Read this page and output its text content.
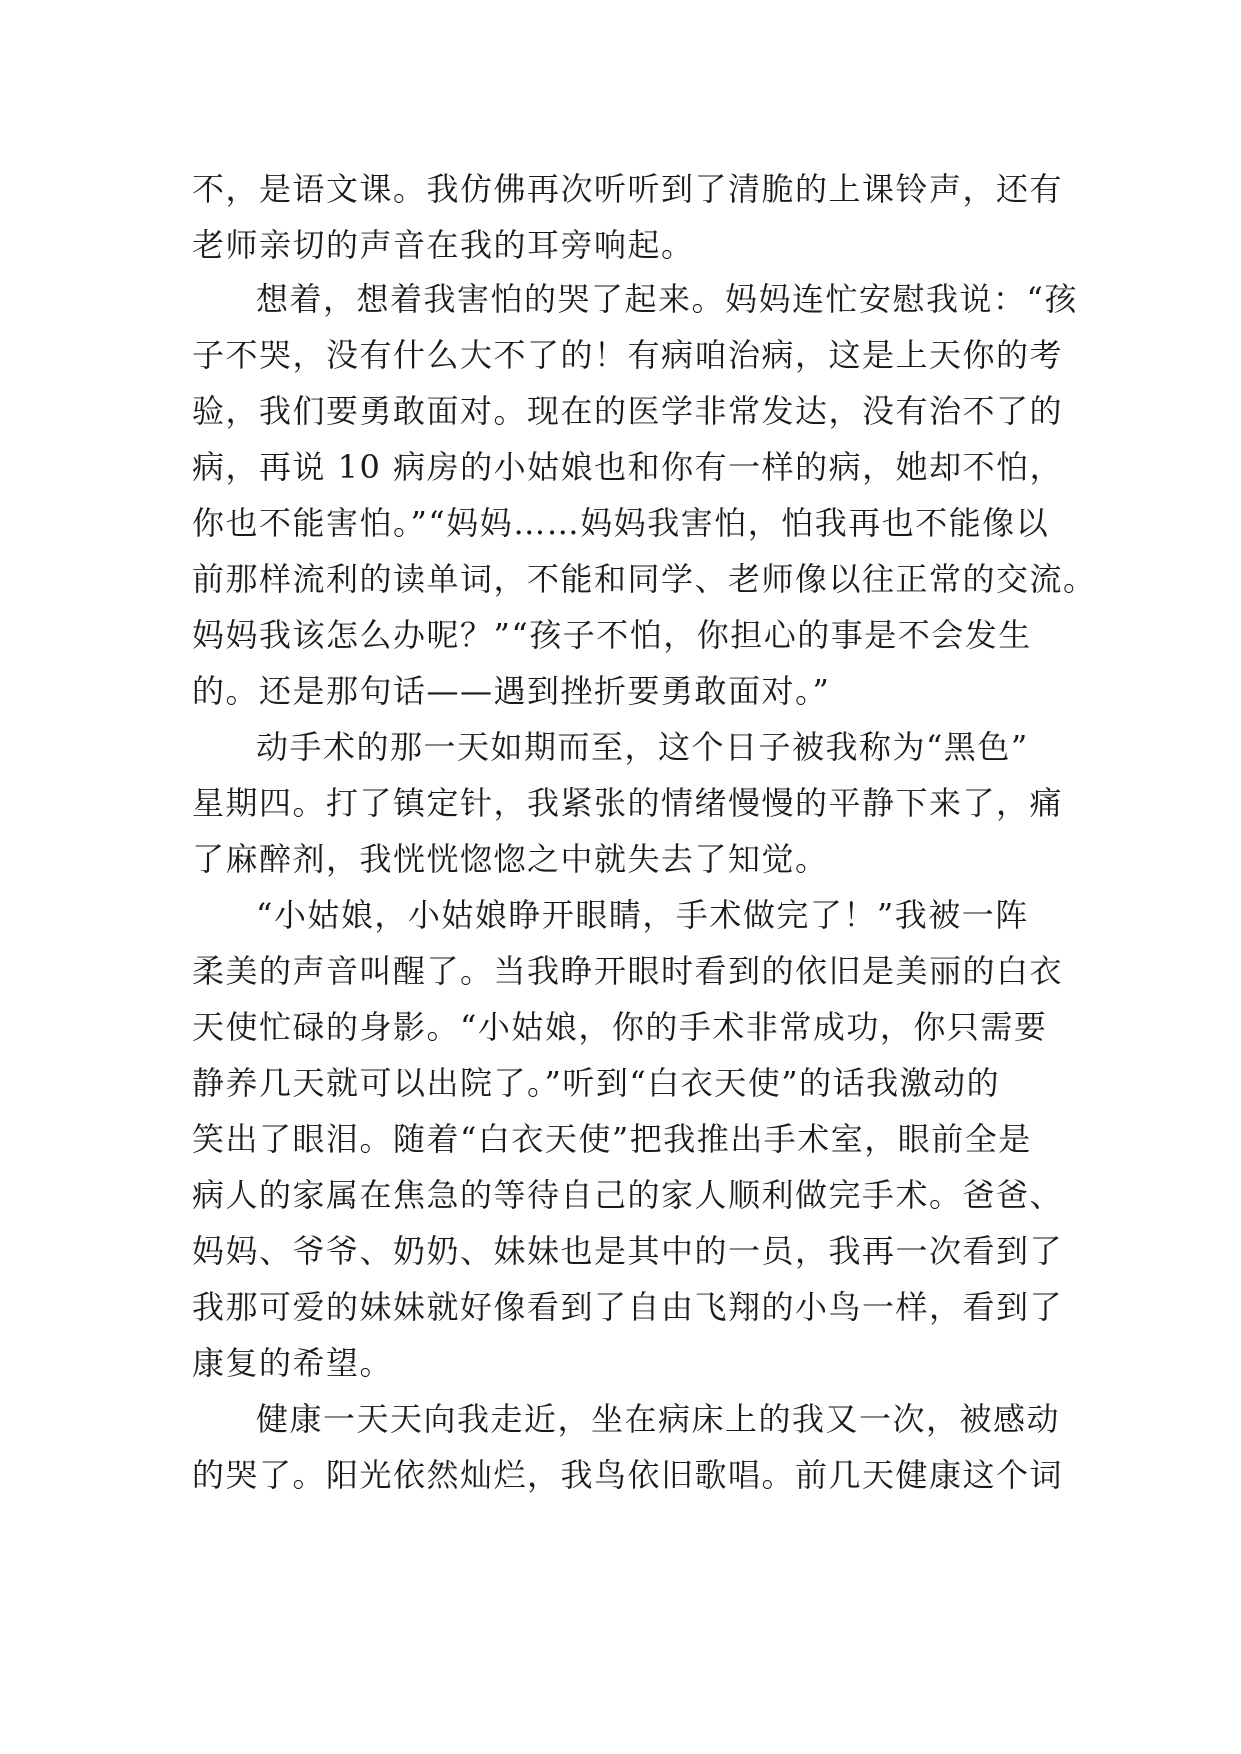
不，是语文课。我仿佛再次听听到了清脆的上课铃声，还有
老师亲切的声音在我的耳旁响起。
想着，想着我害怕的哭了起来。妈妈连忙安慰我说：“孩
子不哭，没有什么大不了的！有病咱治病，这是上天你的考
验，我们要勇敢面对。现在的医学非常发达，没有治不了的
病，再说 10 病房的小姑娘也和你有一样的病，她却不怕，
你也不能害怕。”“妈妈……妈妈我害怕，怕我再也不能像以
前那样流利的读单词，不能和同学、老师像以往正常的交流。
妈妈我该怎么办呢？”“孩子不怕，你担心的事是不会发生
的。还是那句话——遇到挫折要勇敢面对。”
动手术的那一天如期而至，这个日子被我称为“黑色”
星期四。打了镇定针，我紧张的情绪慢慢的平静下来了，痛
了麻醉剂，我恍恍惚惚之中就失去了知觉。
“小姑娘，小姑娘睁开眼睛，手术做完了！”我被一阵
柔美的声音叫醒了。当我睁开眼时看到的依旧是美丽的白衣
天使忙碌的身影。“小姑娘，你的手术非常成功，你只需要
静养几天就可以出院了。”听到“白衣天使”的话我激动的
笑出了眼泪。随着“白衣天使”把我推出手术室，眼前全是
病人的家属在焦急的等待自己的家人顺利做完手术。爸爸、
妈妈、爷爷、奶奶、妹妹也是其中的一员，我再一次看到了
我那可爱的妹妹就好像看到了自由飞翔的小鸟一样，看到了
康复的希望。
健康一天天向我走近，坐在病床上的我又一次，被感动
的哭了。阳光依然灿烂，我鸟依旧歌唱。前几天健康这个词
